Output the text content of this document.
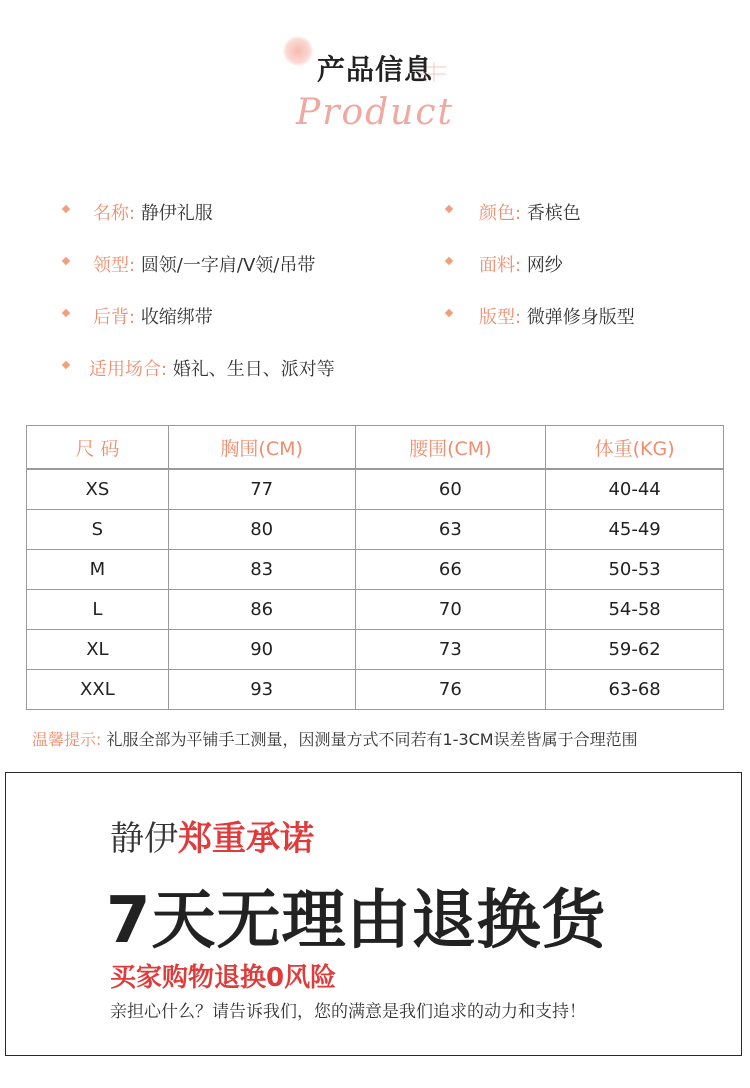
产品信息
Product
名称: 静伊礼服	颜色: 香槟色
领型: 圆领/一字肩/V领/吊带	面料: 网纱
后背: 收缩绑带	版型: 微弹修身版型
适用场合: 婚礼、生日、派对等
尺 码	胸围(CM)	腰围(CM)	体重(KG)
XS	77	60	40-44
S	80	63	45-49
M	83	66	50-53
L	86	70	54-58
XL	90	73	59-62
XXL	93	76	63-68
温馨提示: 礼服全部为平铺手工测量，因测量方式不同若有1-3CM误差皆属于合理范围
静伊郑重承诺
7天无理由退换货
买家购物退换0风险
亲担心什么？请告诉我们，您的满意是我们追求的动力和支持！
